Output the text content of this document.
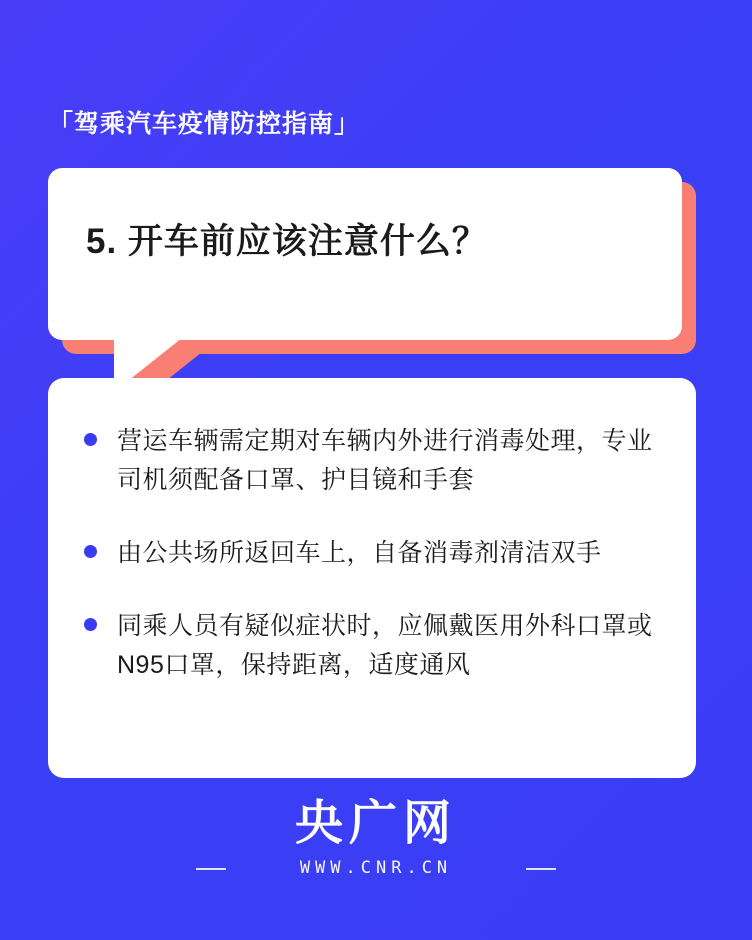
「驾乘汽车疫情防控指南」
5. 开车前应该注意什么？
营运车辆需定期对车辆内外进行消毒处理，专业司机须配备口罩、护目镜和手套
由公共场所返回车上，自备消毒剂清洁双手
同乘人员有疑似症状时，应佩戴医用外科口罩或N95口罩，保持距离，适度通风
央广网
WWW.CNR.CN
